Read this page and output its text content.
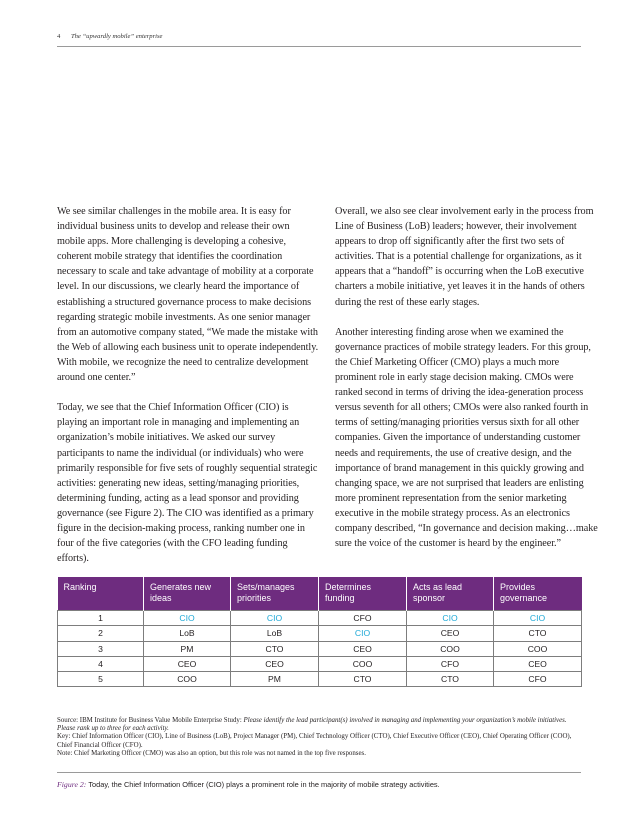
4 The “upwardly mobile” enterprise

We see similar challenges in the mobile area. It is easy for individual business units to develop and release their own mobile apps. More challenging is developing a cohesive, coherent mobile strategy that identifies the coordination necessary to scale and take advantage of mobility at a corporate level. In our discussions, we clearly heard the importance of establishing a structured governance process to make decisions regarding strategic mobile investments. As one senior manager from an automotive company stated, “We made the mistake with the Web of allowing each business unit to operate independently. With mobile, we recognize the need to centralize development around one center.”

Today, we see that the Chief Information Officer (CIO) is playing an important role in managing and implementing an organization’s mobile initiatives. We asked our survey participants to name the individual (or individuals) who were primarily responsible for five sets of roughly sequential strategic activities: generating new ideas, setting/managing priorities, determining funding, acting as a lead sponsor and providing governance (see Figure 2). The CIO was identified as a primary figure in the decision-making process, ranking number one in four of the five categories (with the CFO leading funding efforts).

Overall, we also see clear involvement early in the process from Line of Business (LoB) leaders; however, their involvement appears to drop off significantly after the first two sets of activities. That is a potential challenge for organizations, as it appears that a “handoff” is occurring when the LoB executive charters a mobile initiative, yet leaves it in the hands of others during the rest of these early stages.

Another interesting finding arose when we examined the governance practices of mobile strategy leaders. For this group, the Chief Marketing Officer (CMO) plays a much more prominent role in early stage decision making. CMOs were ranked second in terms of driving the idea-generation process versus seventh for all others; CMOs were also ranked fourth in terms of setting/managing priorities versus sixth for all other companies. Given the importance of understanding customer needs and requirements, the use of creative design, and the importance of brand management in this quickly growing and changing space, we are not surprised that leaders are enlisting more prominent representation from the senior marketing executive in the mobile strategy process. As an electronics company described, “In governance and decision making…make sure the voice of the customer is heard by the engineer.”

Ranking	Generates new ideas	Sets/manages priorities	Determines funding	Acts as lead sponsor	Provides governance
1	CIO	CIO	CFO	CIO	CIO
2	LoB	LoB	CIO	CEO	CTO
3	PM	CTO	CEO	COO	COO
4	CEO	CEO	COO	CFO	CEO
5	COO	PM	CTO	CTO	CFO
Source: IBM Institute for Business Value Mobile Enterprise Study: Please identify the lead participant(s) involved in managing and implementing your organization’s mobile initiatives. Please rank up to three for each activity.
Key: Chief Information Officer (CIO), Line of Business (LoB), Project Manager (PM), Chief Technology Officer (CTO), Chief Executive Officer (CEO), Chief Operating Officer (COO), Chief Financial Officer (CFO).
Note: Chief Marketing Officer (CMO) was also an option, but this role was not named in the top five responses.
Figure 2: Today, the Chief Information Officer (CIO) plays a prominent role in the majority of mobile strategy activities.
